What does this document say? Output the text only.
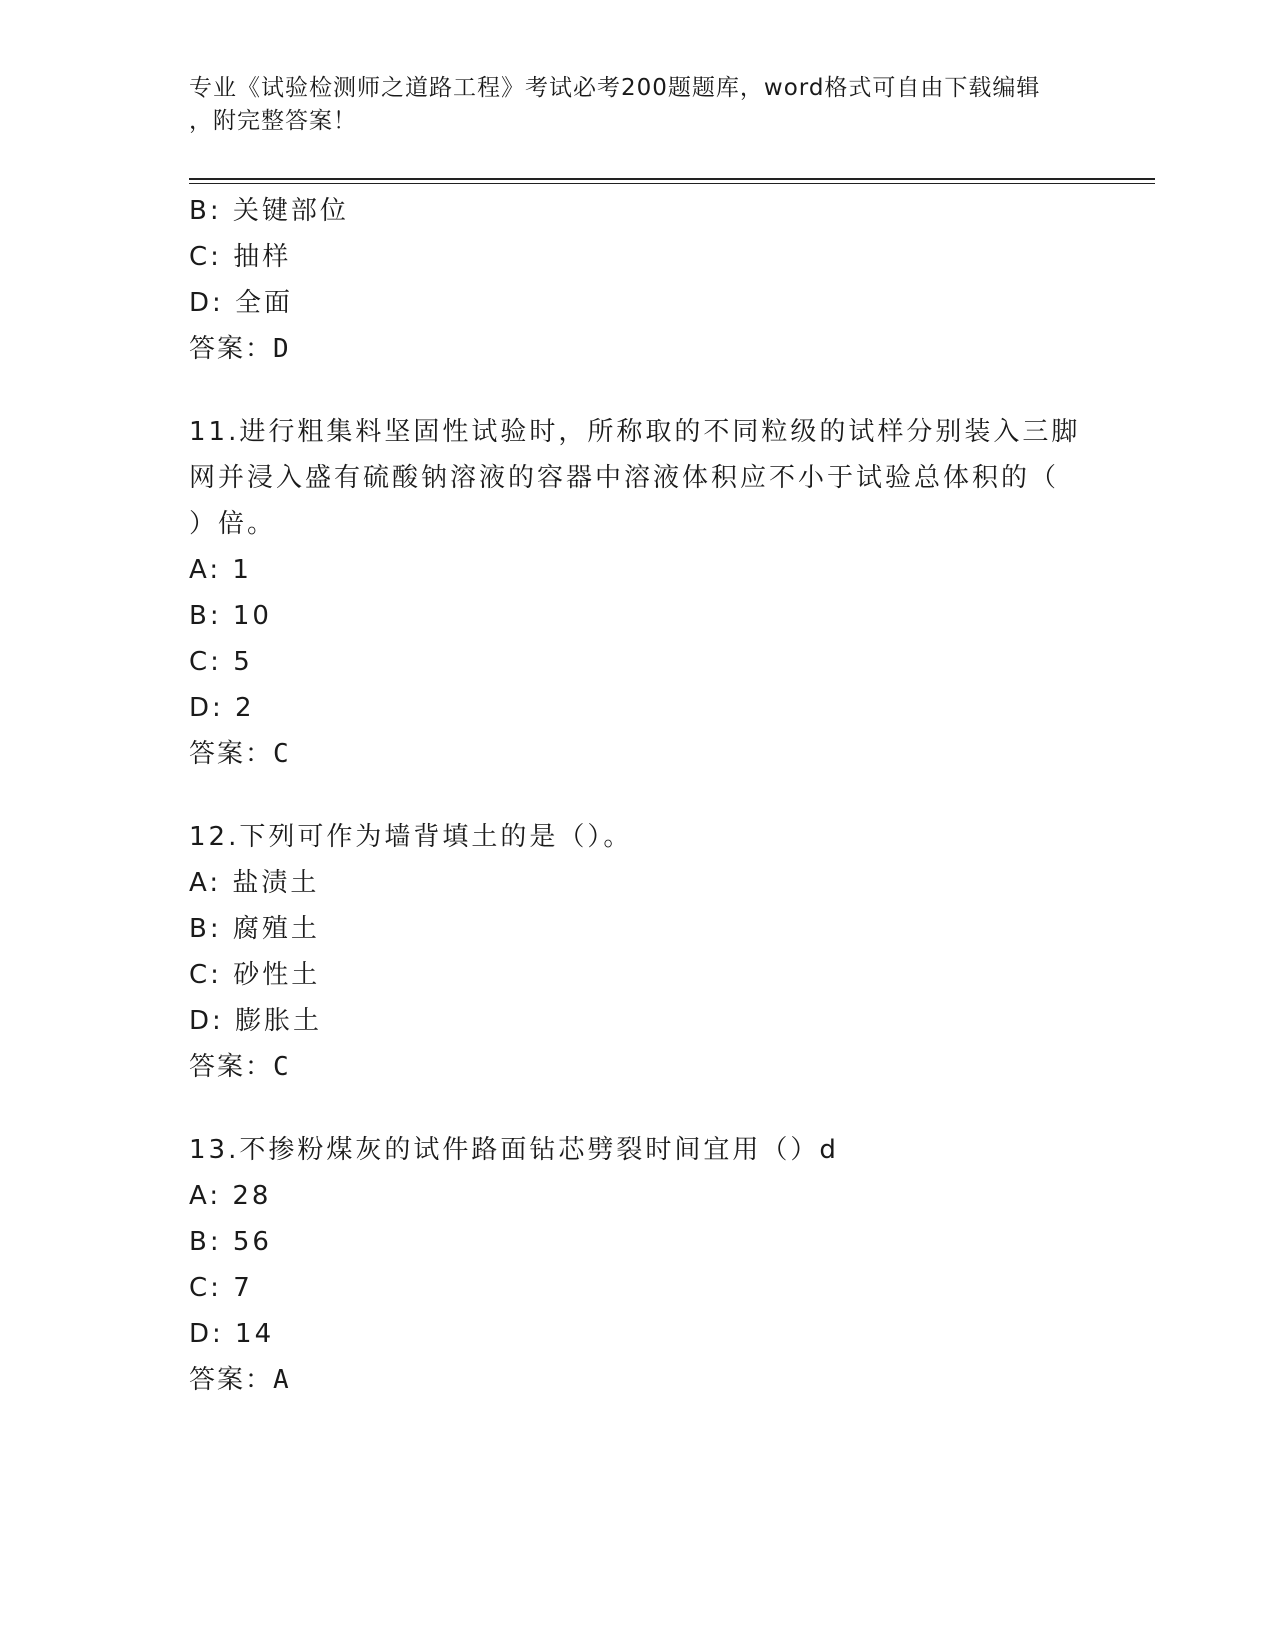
专业《试验检测师之道路工程》考试必考200题题库，word格式可自由下载编辑
，附完整答案！
B: 关键部位
C: 抽样
D: 全面
答案：D
11.进行粗集料坚固性试验时，所称取的不同粒级的试样分别装入三脚
网并浸入盛有硫酸钠溶液的容器中溶液体积应不小于试验总体积的（
）倍。
A: 1
B: 10
C: 5
D: 2
答案：C
12.下列可作为墙背填土的是（）。
A: 盐渍土
B: 腐殖土
C: 砂性土
D: 膨胀土
答案：C
13.不掺粉煤灰的试件路面钻芯劈裂时间宜用（）d
A: 28
B: 56
C: 7
D: 14
答案：A
